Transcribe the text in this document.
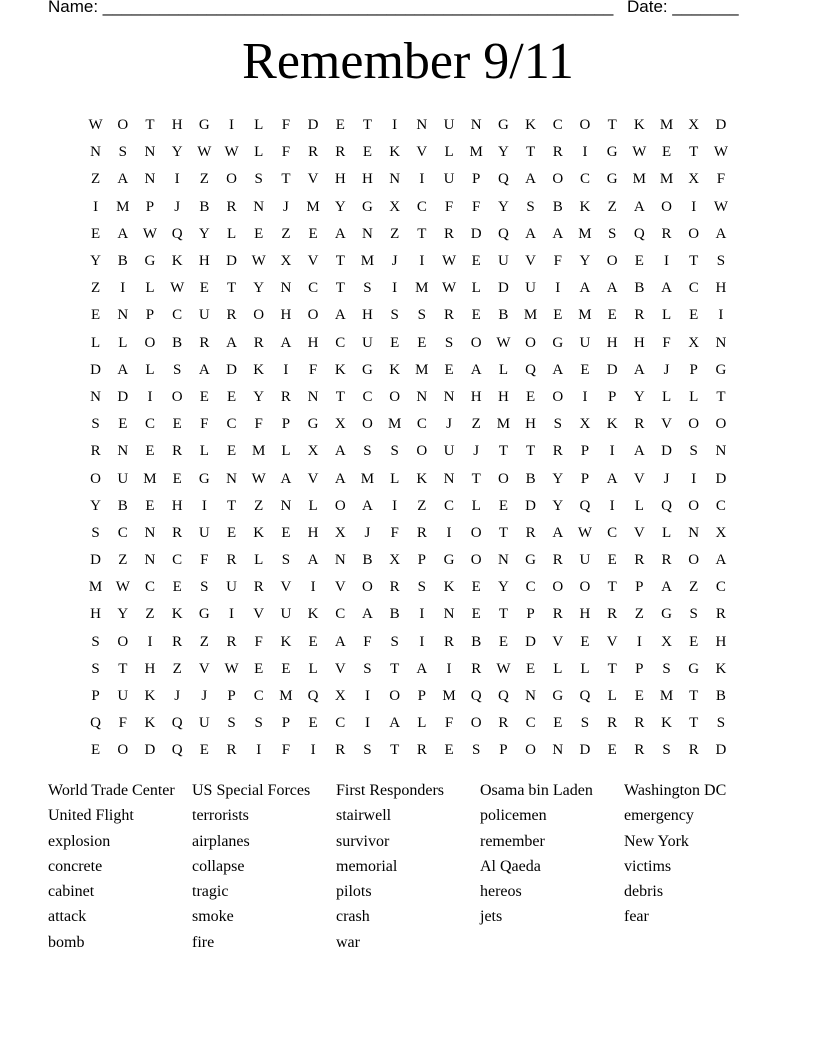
Name: ______________________________________________________ Date: _______
Remember 9/11
W O	T	H	G	I	L	F	D	E	T	I	N	U	N	G	K	C	O	T	K	M	X	D
N	S	N	Y W W	L	F	R	R	E	K	V	L	M	Y	T	R	I	G W	E	T	W
Z	A	N	I	Z	O	S	T	V	H	H	N	I	U	P	Q	A	O	C	G	M M	X	F
I	M	P	J	B	R	N	J	M	Y	G	X	C	F	F	Y	S	B	K	Z	A	O	I	W
E	A W Q	Y	L	E	Z	E	A	N	Z	T	R	D	Q	A	A	M	S	Q	R	O	A
Y	B	G	K	H	D W X	V	T	M	J	I	W	E	U	V	F	Y	O	E	I	T	S
Z	I	L	W	E	T	Y	N	C	T	S	I	M W	L	D	U	I	A	A	B	A	C	H
E	N	P	C	U	R	O	H	O	A	H	S	S	R	E	B	M	E	M	E	R	L	E	I
L	L	O	B	R	A	R	A	H	C	U	E	E	S	O W O	G	U	H	H	F	X	N
D	A	L	S	A	D	K	I	F	K	G	K	M	E	A	L	Q	A	E	D	A	J	P	G
N	D	I	O	E	E	Y	R	N	T	C	O	N	N	H	H	E	O	I	P	Y	L	L	T
S	E	C	E	F	C	F	P	G	X	O	M	C	J	Z	M	H	S	X	K	R	V	O	O
R	N	E	R	L	E	M	L	X	A	S	S	O	U	J	T	T	R	P	I	A	D	S	N
O	U	M	E	G	N W A	V	A	M	L	K	N	T	O	B	Y	P	A	V	J	I	D
Y	B	E	H	I	T	Z	N	L	O	A	I	Z	C	L	E	D	Y	Q	I	L	Q	O	C
S	C	N	R	U	E	K	E	H	X	J	F	R	I	O	T	R	A W	C	V	L	N	X
D	Z	N	C	F	R	L	S	A	N	B	X	P	G	O	N	G	R	U	E	R	R	O	A
M W	C	E	S	U	R	V	I	V	O	R	S	K	E	Y	C	O	O	T	P	A	Z	C
H	Y	Z	K	G	I	V	U	K	C	A	B	I	N	E	T	P	R	H	R	Z	G	S	R
S	O	I	R	Z	R	F	K	E	A	F	S	I	R	B	E	D	V	E	V	I	X	E	H
S	T	H	Z	V W	E	E	L	V	S	T	A	I	R	W	E	L	L	T	P	S	G	K
P	U	K	J	J	P	C	M	Q	X	I	O	P	M	Q	Q	N	G	Q	L	E	M	T	B
Q	F	K	Q	U	S	S	P	E	C	I	A	L	F	O	R	C	E	S	R	R	K	T	S
E	O	D	Q	E	R	I	F	I	R	S	T	R	E	S	P	O	N	D	E	R	S	R	D
World Trade Center	US Special Forces	First Responders	Osama bin Laden	Washington DC
United Flight	terrorists	stairwell	policemen	emergency
explosion	airplanes	survivor	remember	New York
concrete	collapse	memorial	Al Qaeda	victims
cabinet	tragic	pilots	hereos	debris
attack	smoke	crash	jets	fear
bomb	fire	war
